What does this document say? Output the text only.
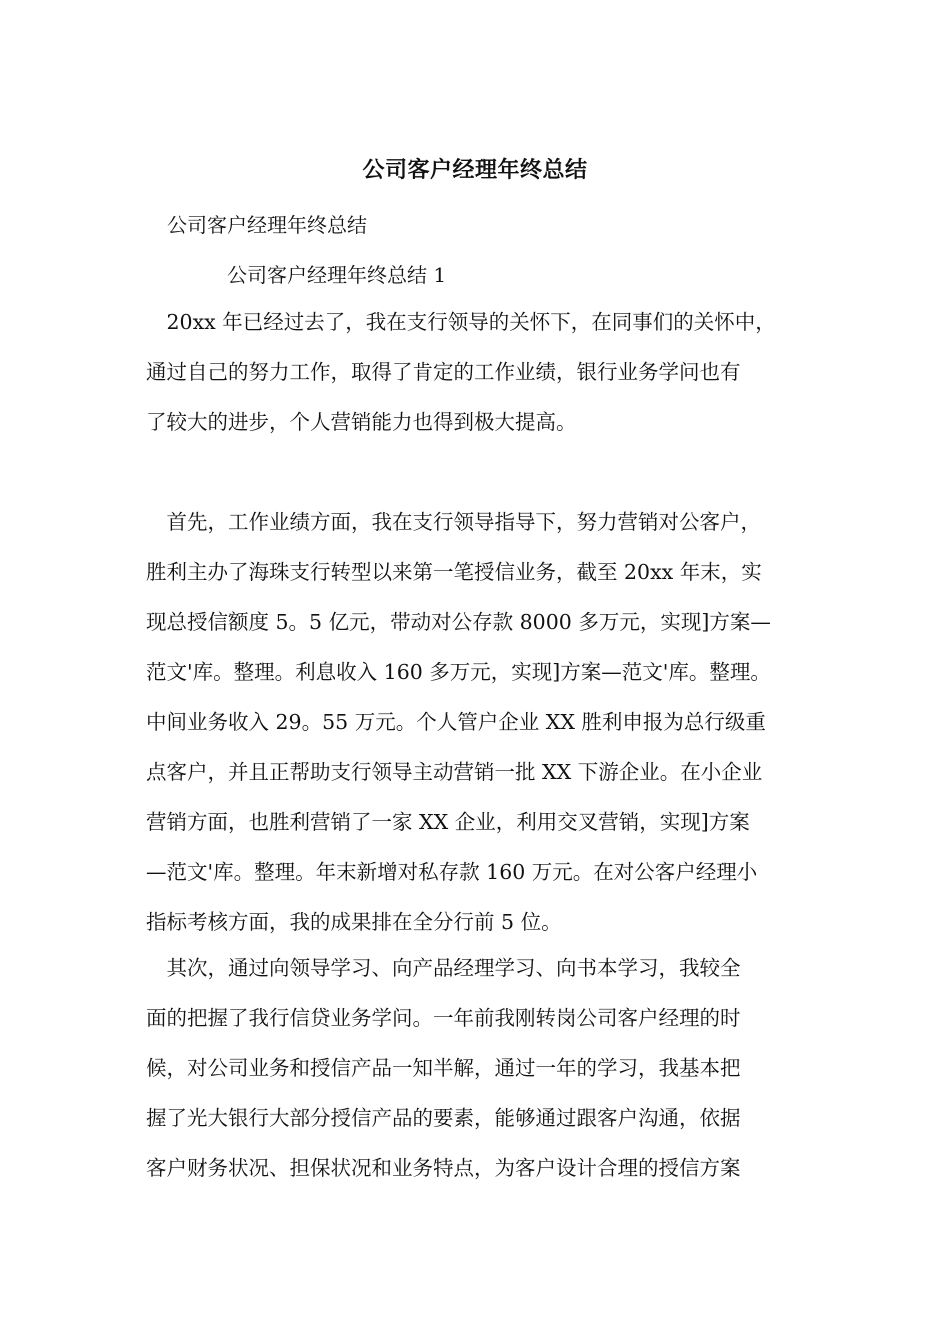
公司客户经理年终总结
公司客户经理年终总结
公司客户经理年终总结 1
　20xx 年已经过去了，我在支行领导的关怀下，在同事们的关怀中，
通过自己的努力工作，取得了肯定的工作业绩，银行业务学问也有
了较大的进步，个人营销能力也得到极大提高。
　首先，工作业绩方面，我在支行领导指导下，努力营销对公客户，
胜利主办了海珠支行转型以来第一笔授信业务，截至 20xx 年末，实
现总授信额度 5。5 亿元，带动对公存款 8000 多万元，实现]方案—
范文'库。整理。利息收入 160 多万元，实现]方案—范文'库。整理。
中间业务收入 29。55 万元。个人管户企业 XX 胜利申报为总行级重
点客户，并且正帮助支行领导主动营销一批 XX 下游企业。在小企业
营销方面，也胜利营销了一家 XX 企业，利用交叉营销，实现]方案
—范文'库。整理。年末新增对私存款 160 万元。在对公客户经理小
指标考核方面，我的成果排在全分行前 5 位。
　其次，通过向领导学习、向产品经理学习、向书本学习，我较全
面的把握了我行信贷业务学问。一年前我刚转岗公司客户经理的时
候，对公司业务和授信产品一知半解，通过一年的学习，我基本把
握了光大银行大部分授信产品的要素，能够通过跟客户沟通，依据
客户财务状况、担保状况和业务特点，为客户设计合理的授信方案
